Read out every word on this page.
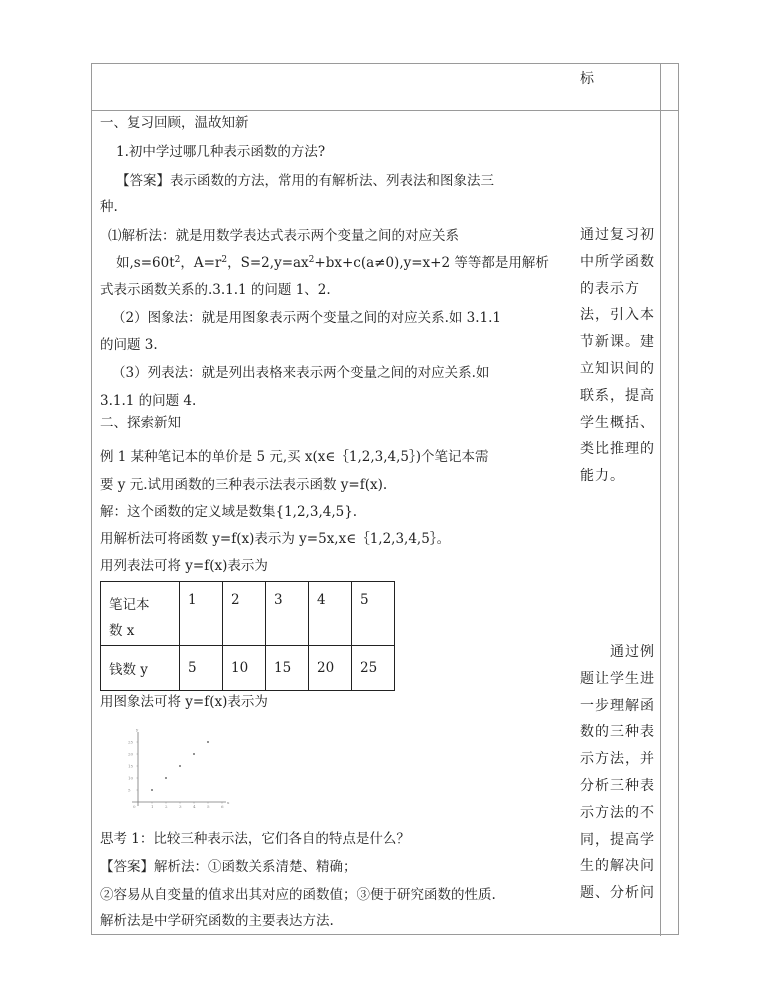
标
一、复习回顾，温故知新
1.初中学过哪几种表示函数的方法?
【答案】表示函数的方法，常用的有解析法、列表法和图象法三
种.
⑴解析法：就是用数学表达式表示两个变量之间的对应关系
如$,s=60t^2$，$A=r^2$，$S=2,y=ax^2+bx+c(a\ne 0),y=x+2$ 等等都是用解析
式表示函数关系的.3.1.1 的问题 1、2.
（2）图象法：就是用图象表示两个变量之间的对应关系.如 3.1.1
的问题 3.
（3）列表法：就是列出表格来表示两个变量之间的对应关系.如
3.1.1 的问题 4.
二、探索新知
例 1 某种笔记本的单价是 5 元,买 x(x∈｛1,2,3,4,5｝)个笔记本需
要 y 元.试用函数的三种表示法表示函数 y=f(x).
解：这个函数的定义域是数集{1,2,3,4,5}.
用解析法可将函数 y=f(x)表示为 y=5x,x∈｛1,2,3,4,5｝。
用列表法可将 y=f(x)表示为
笔记本
数 x	1	2	3	4	5
钱数 y	5	10	15	20	25
用图象法可将 y=f(x)表示为
x
y
0	1	2	3	4	5	6
5
10
15
20
25
思考 1：比较三种表示法，它们各自的特点是什么？
【答案】解析法：①函数关系清楚、精确；
②容易从自变量的值求出其对应的函数值；③便于研究函数的性质.
解析法是中学研究函数的主要表达方法.
通过复习初
中所学函数
的表示方
法，引入本
节新课。建
立知识间的
联系，提高
学生概括、
类比推理的
能力。
通过例
题让学生进
一步理解函
数的三种表
示方法，并
分析三种表
示方法的不
同，提高学
生的解决问
题、分析问
